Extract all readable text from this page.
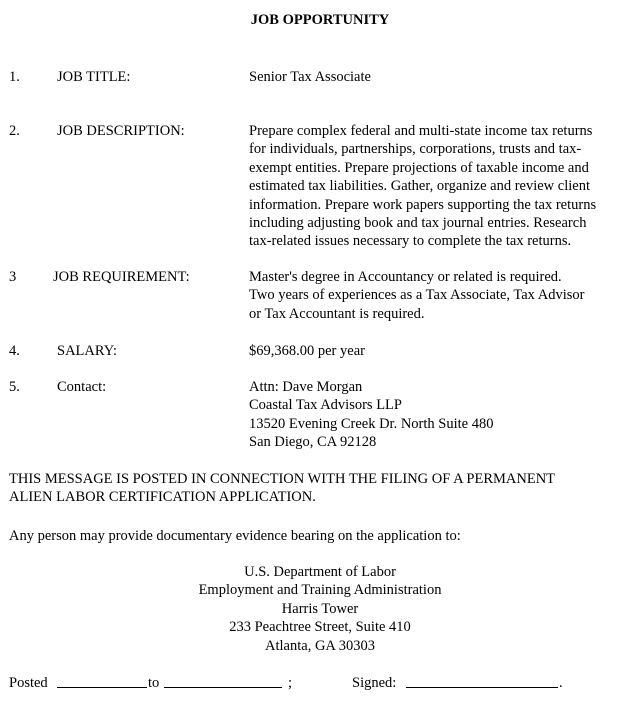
JOB OPPORTUNITY
1.	JOB TITLE:	Senior Tax Associate
2.	JOB DESCRIPTION:	Prepare complex federal and multi-state income tax returns
for individuals, partnerships, corporations, trusts and tax-
exempt entities. Prepare projections of taxable income and
estimated tax liabilities. Gather, organize and review client
information. Prepare work papers supporting the tax returns
including adjusting book and tax journal entries. Research
tax-related issues necessary to complete the tax returns.
3	JOB REQUIREMENT:	Master's degree in Accountancy or related is required.
Two years of experiences as a Tax Associate, Tax Advisor
or Tax Accountant is required.
4.	SALARY:	$69,368.00 per year
5.	Contact:	Attn: Dave Morgan
Coastal Tax Advisors LLP
13520 Evening Creek Dr. North Suite 480
San Diego, CA 92128
THIS MESSAGE IS POSTED IN CONNECTION WITH THE FILING OF A PERMANENT
ALIEN LABOR CERTIFICATION APPLICATION.
Any person may provide documentary evidence bearing on the application to:
U.S. Department of Labor
Employment and Training Administration
Harris Tower
233 Peachtree Street, Suite 410
Atlanta, GA 30303
Posted	to	;	Signed:	.
